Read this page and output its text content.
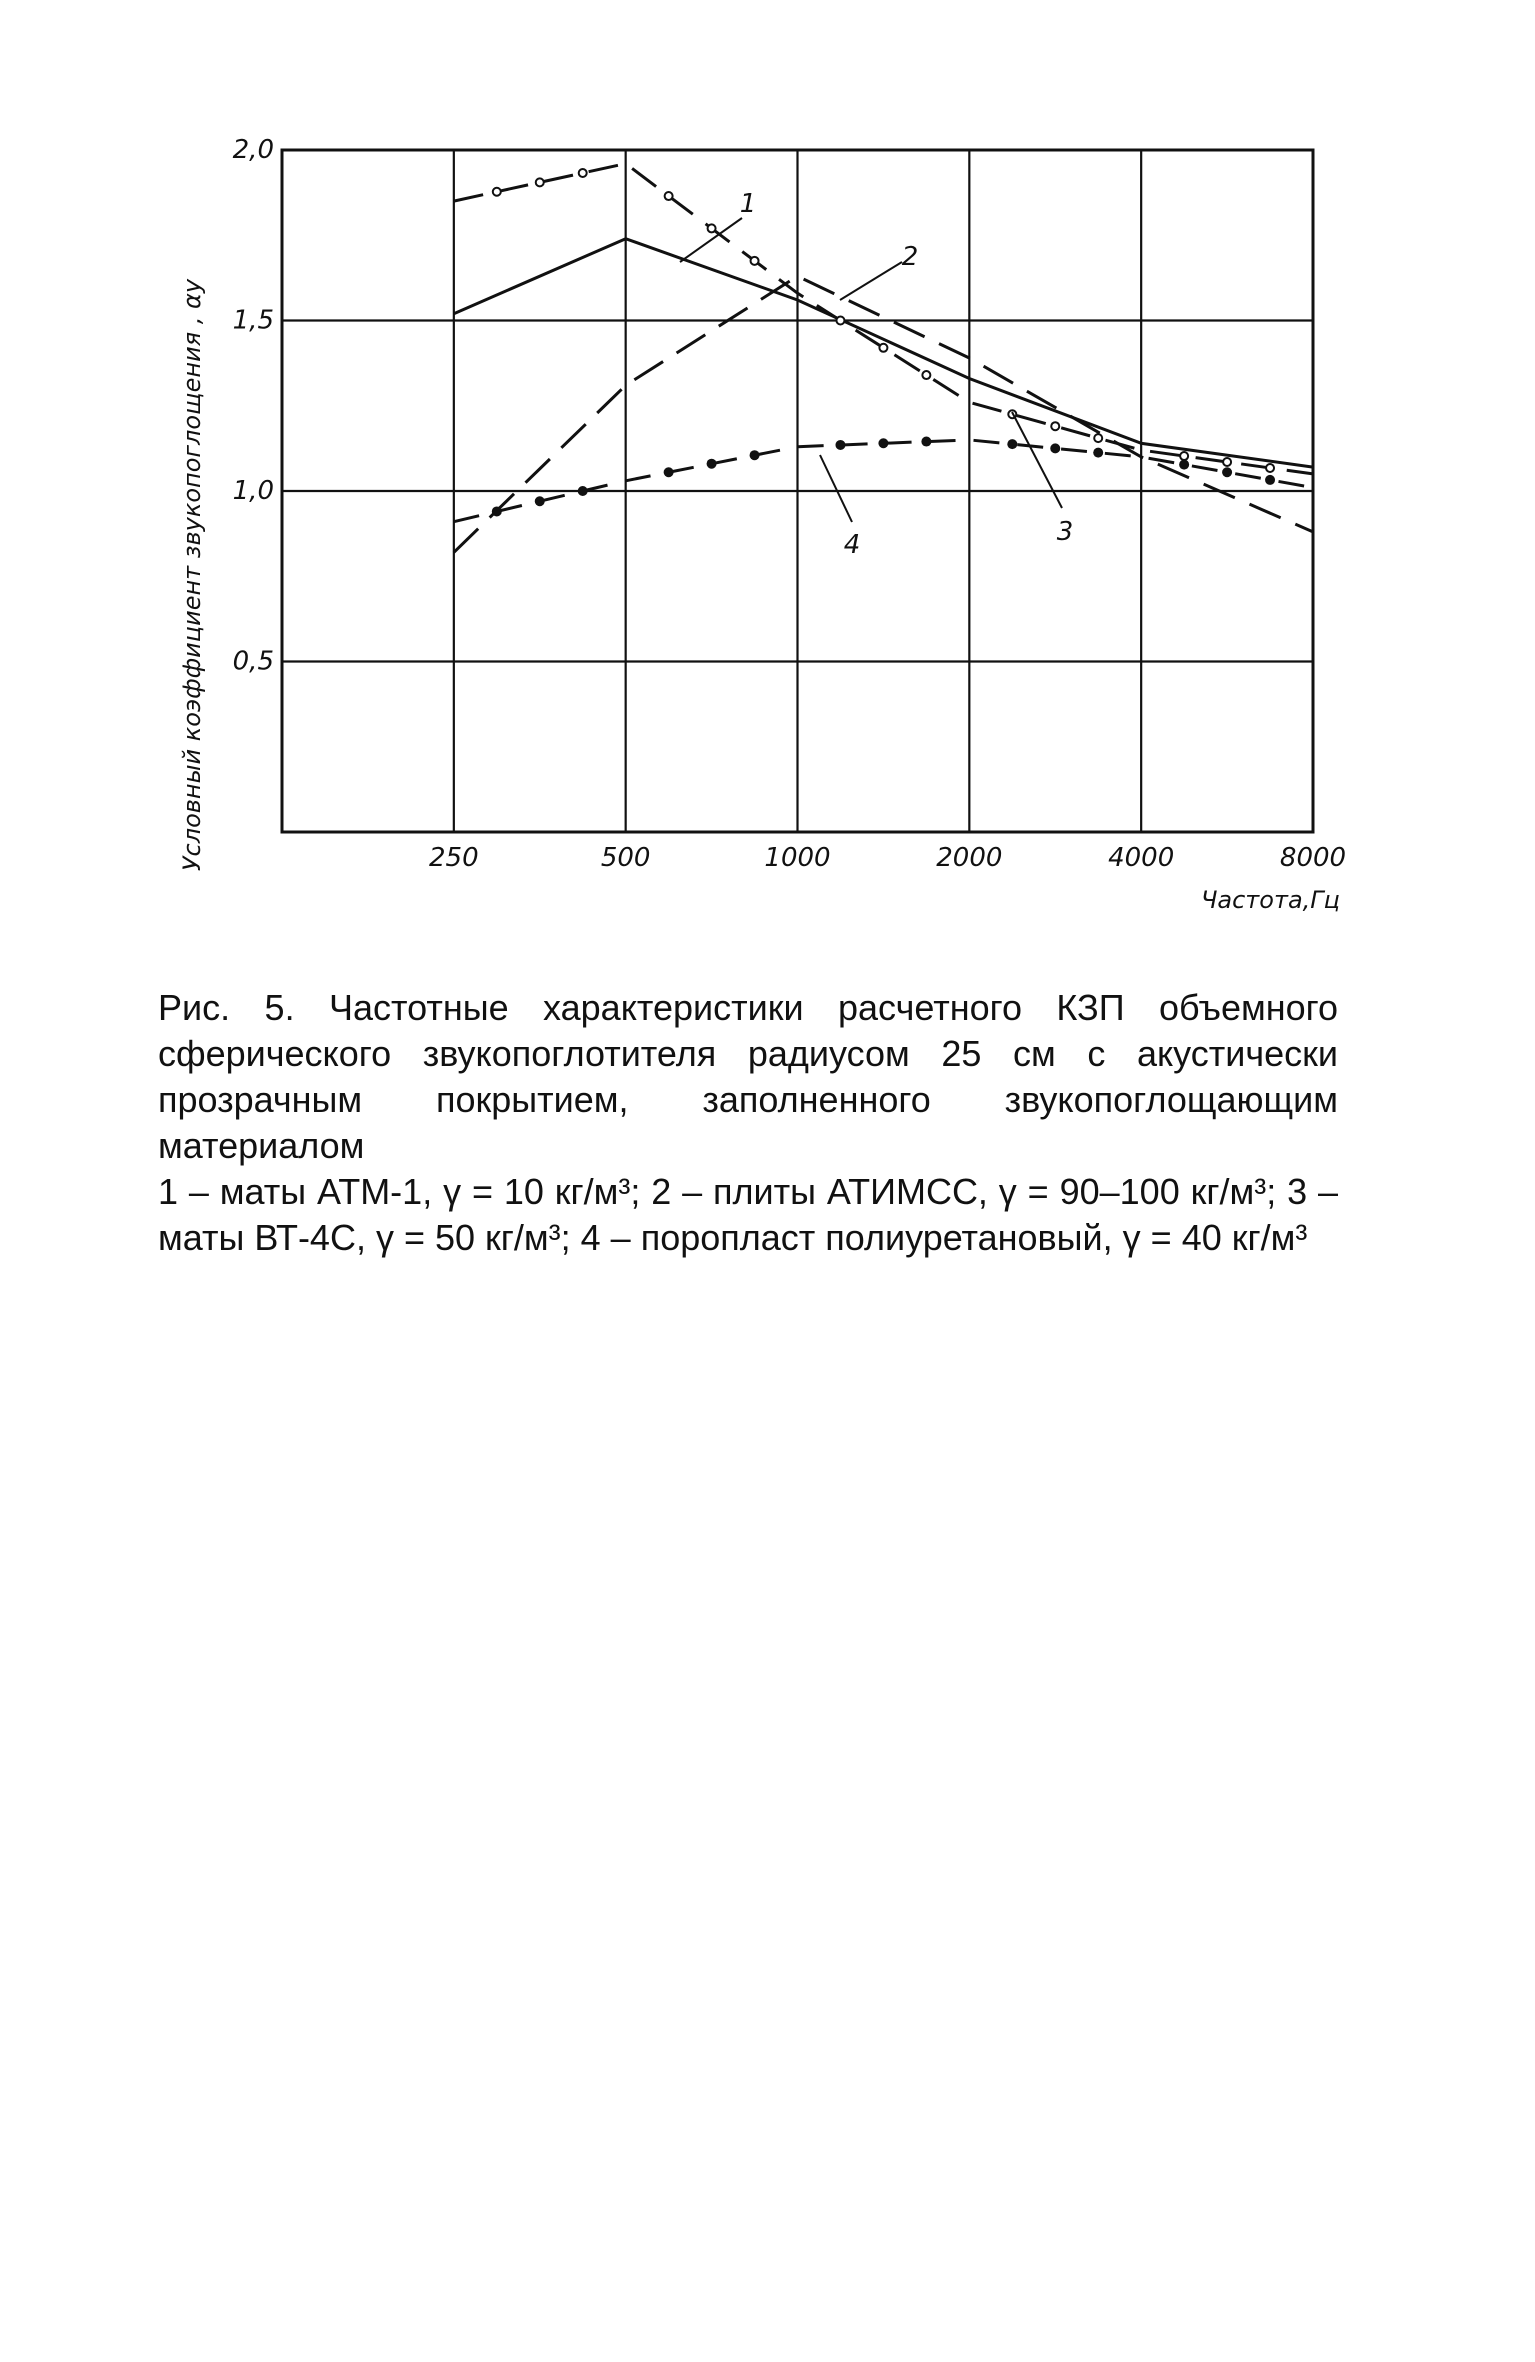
2,0
1,5
1,0
0,5
250	500	1000	2000	4000	8000
1
2
3
4
Условный коэффициент звукопоглощения , αу
Частота,Гц

Рис. 5. Частотные характеристики расчетного КЗП объемного сферического звукопоглотителя радиусом 25 см с акустически прозрачным покрытием, заполненного звукопоглощающим материалом

1 – маты АТМ-1, γ = 10 кг/м³; 2 – плиты АТИМСС, γ = 90–100 кг/м³; 3 – маты ВТ-4С, γ = 50 кг/м³; 4 – поропласт полиуретановый, γ = 40 кг/м³
